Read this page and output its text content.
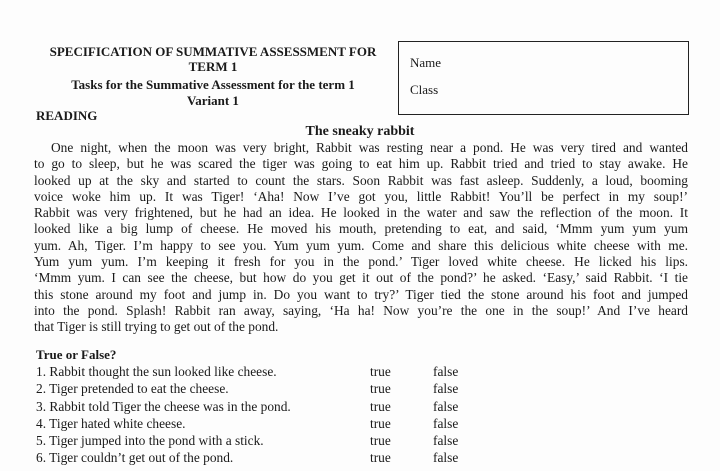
SPECIFICATION OF SUMMATIVE ASSESSMENT FOR
TERM 1
Tasks for the Summative Assessment for the term 1
Variant 1
Name
Class
READING
The sneaky rabbit
One night, when the moon was very bright, Rabbit was resting near a pond. He was very tired and wanted
to go to sleep, but he was scared the tiger was going to eat him up. Rabbit tried and tried to stay awake. He
looked up at the sky and started to count the stars. Soon Rabbit was fast asleep. Suddenly, a loud, booming
voice woke him up. It was Tiger! ‘Aha! Now I’ve got you, little Rabbit! You’ll be perfect in my soup!’
Rabbit was very frightened, but he had an idea. He looked in the water and saw the reflection of the moon. It
looked like a big lump of cheese. He moved his mouth, pretending to eat, and said, ‘Mmm yum yum yum
yum. Ah, Tiger. I’m happy to see you. Yum yum yum. Come and share this delicious white cheese with me.
Yum yum yum. I’m keeping it fresh for you in the pond.’ Tiger loved white cheese. He licked his lips.
‘Mmm yum. I can see the cheese, but how do you get it out of the pond?’ he asked. ‘Easy,’ said Rabbit. ‘I tie
this stone around my foot and jump in. Do you want to try?’ Tiger tied the stone around his foot and jumped
into the pond. Splash! Rabbit ran away, saying, ‘Ha ha! Now you’re the one in the soup!’ And I’ve heard
that Tiger is still trying to get out of the pond.
True or False?
1. Rabbit thought the sun looked like cheese.	true	false
2. Tiger pretended to eat the cheese.	true	false
3. Rabbit told Tiger the cheese was in the pond.	true	false
4. Tiger hated white cheese.	true	false
5. Tiger jumped into the pond with a stick.	true	false
6. Tiger couldn’t get out of the pond.	true	false
